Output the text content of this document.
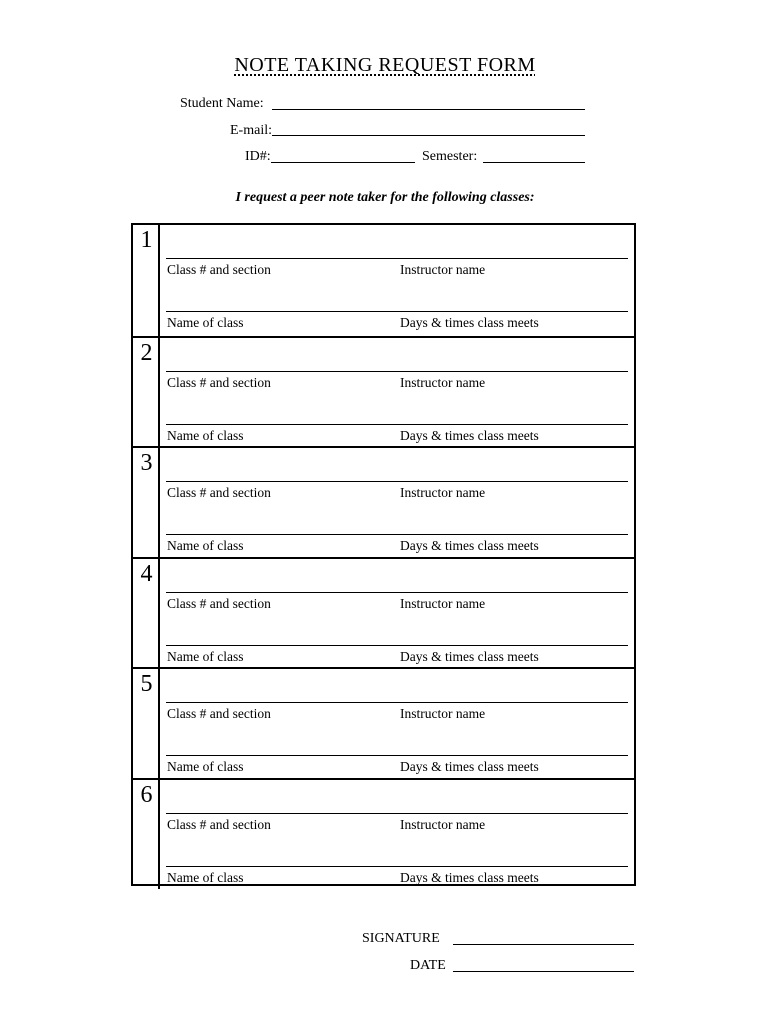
NOTE TAKING REQUEST FORM
Student Name:
E-mail:
ID#:	Semester:
I request a peer note taker for the following classes:
1
Class # and section	Instructor name
Name of class	Days & times class meets
2
Class # and section	Instructor name
Name of class	Days & times class meets
3
Class # and section	Instructor name
Name of class	Days & times class meets
4
Class # and section	Instructor name
Name of class	Days & times class meets
5
Class # and section	Instructor name
Name of class	Days & times class meets
6
Class # and section	Instructor name
Name of class	Days & times class meets
SIGNATURE
DATE
